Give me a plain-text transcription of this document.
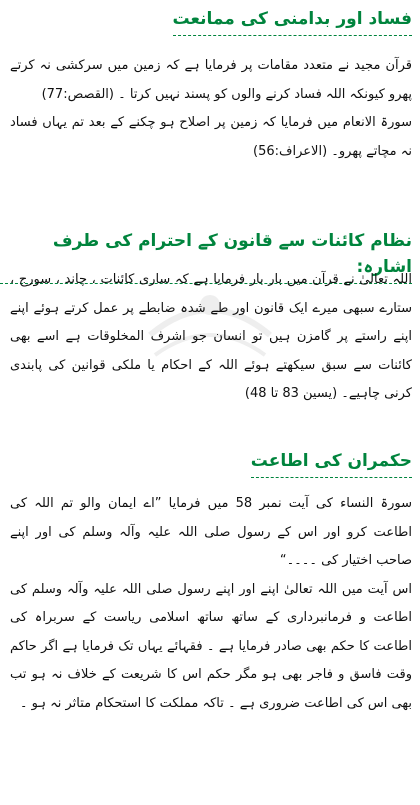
فساد اور بدامنی کی ممانعت

قرآن مجید نے متعدد مقامات پر فرمایا ہے کہ زمین میں سرکشی نہ کرتے پھرو کیونکہ اللہ فساد کرنے والوں کو پسند نہیں کرتا ۔ (القصص:77)

سورۃ الانعام میں فرمایا کہ زمین پر اصلاح ہو چکنے کے بعد تم یہاں فساد نہ مچاتے پھرو۔ (الاعراف:56)

نظام کائنات سے قانون کے احترام کی طرف اشارہ:

اللہ تعالیٰ نے قرآن میں بار بار فرمایا ہے کہ ساری کائنات ، چاند ، سورج ، ستارے سبھی میرے ایک قانون اور طے شدہ ضابطے پر عمل کرتے ہوئے اپنے اپنے راستے پر گامزن ہیں تو انسان جو اشرف المخلوقات ہے اسے بھی کائنات سے سبق سیکھتے ہوئے اللہ کے احکام یا ملکی قوانین کی پابندی کرنی چاہیے۔ (یسین 83 تا 48)

حکمران کی اطاعت

سورۃ النساء کی آیت نمبر 58 میں فرمایا ”اے ایمان والو تم اللہ کی اطاعت کرو اور اس کے رسول صلی اللہ علیہ وآلہ وسلم کی اور اپنے صاحب اختیار کی ۔۔۔۔“

اس آیت میں اللہ تعالیٰ اپنے اور اپنے رسول صلی اللہ علیہ وآلہ وسلم کی اطاعت و فرمانبرداری کے ساتھ ساتھ اسلامی ریاست کے سربراہ کی اطاعت کا حکم بھی صادر فرمایا ہے ۔ فقہائے یہاں تک فرمایا ہے اگر حاکم وقت فاسق و فاجر بھی ہو مگر حکم اس کا شریعت کے خلاف نہ ہو تب بھی اس کی اطاعت ضروری ہے ۔ تاکہ مملکت کا استحکام متاثر نہ ہو ۔
